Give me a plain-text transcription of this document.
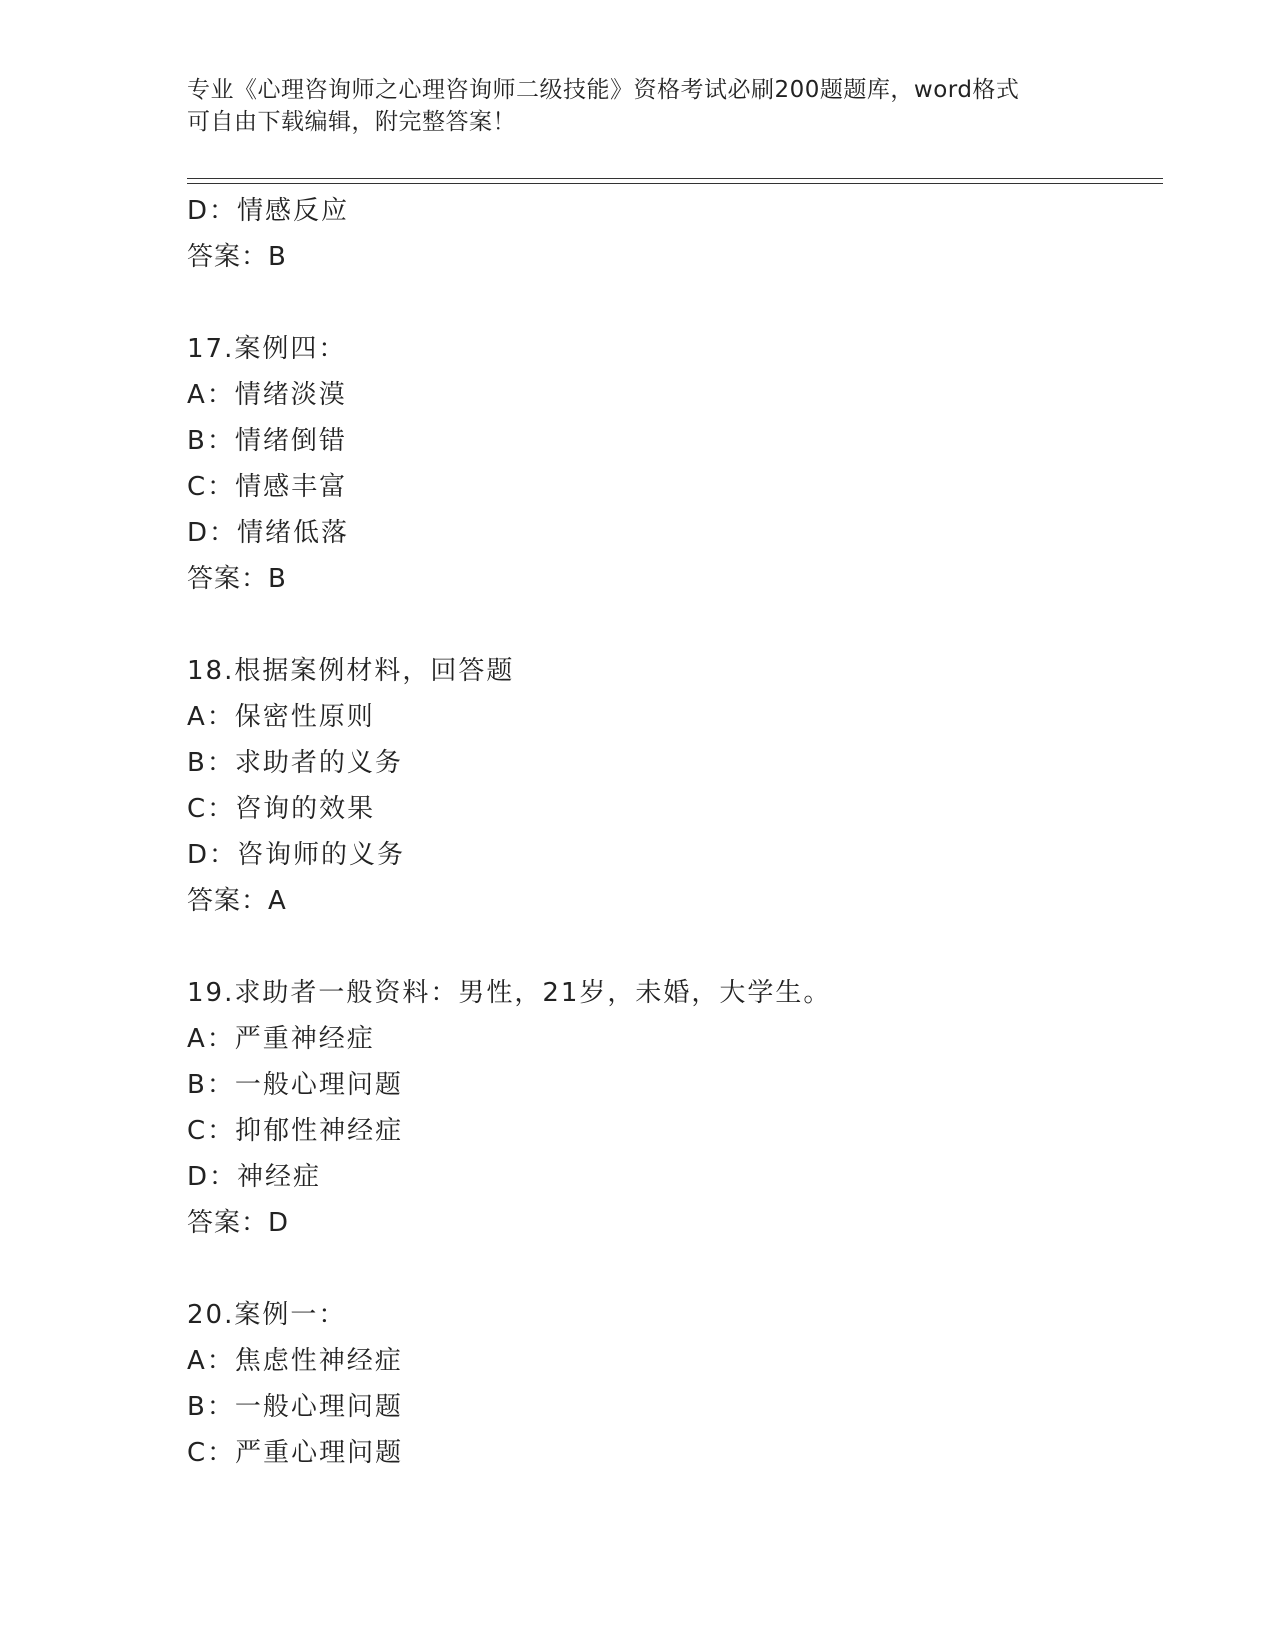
专业《心理咨询师之心理咨询师二级技能》资格考试必刷200题题库，word格式
可自由下载编辑，附完整答案！
D：情感反应
答案：B
17.案例四：
A：情绪淡漠
B：情绪倒错
C：情感丰富
D：情绪低落
答案：B
18.根据案例材料，回答题
A：保密性原则
B：求助者的义务
C：咨询的效果
D：咨询师的义务
答案：A
19.求助者一般资料：男性，21岁，未婚，大学生。
A：严重神经症
B：一般心理问题
C：抑郁性神经症
D：神经症
答案：D
20.案例一：
A：焦虑性神经症
B：一般心理问题
C：严重心理问题
